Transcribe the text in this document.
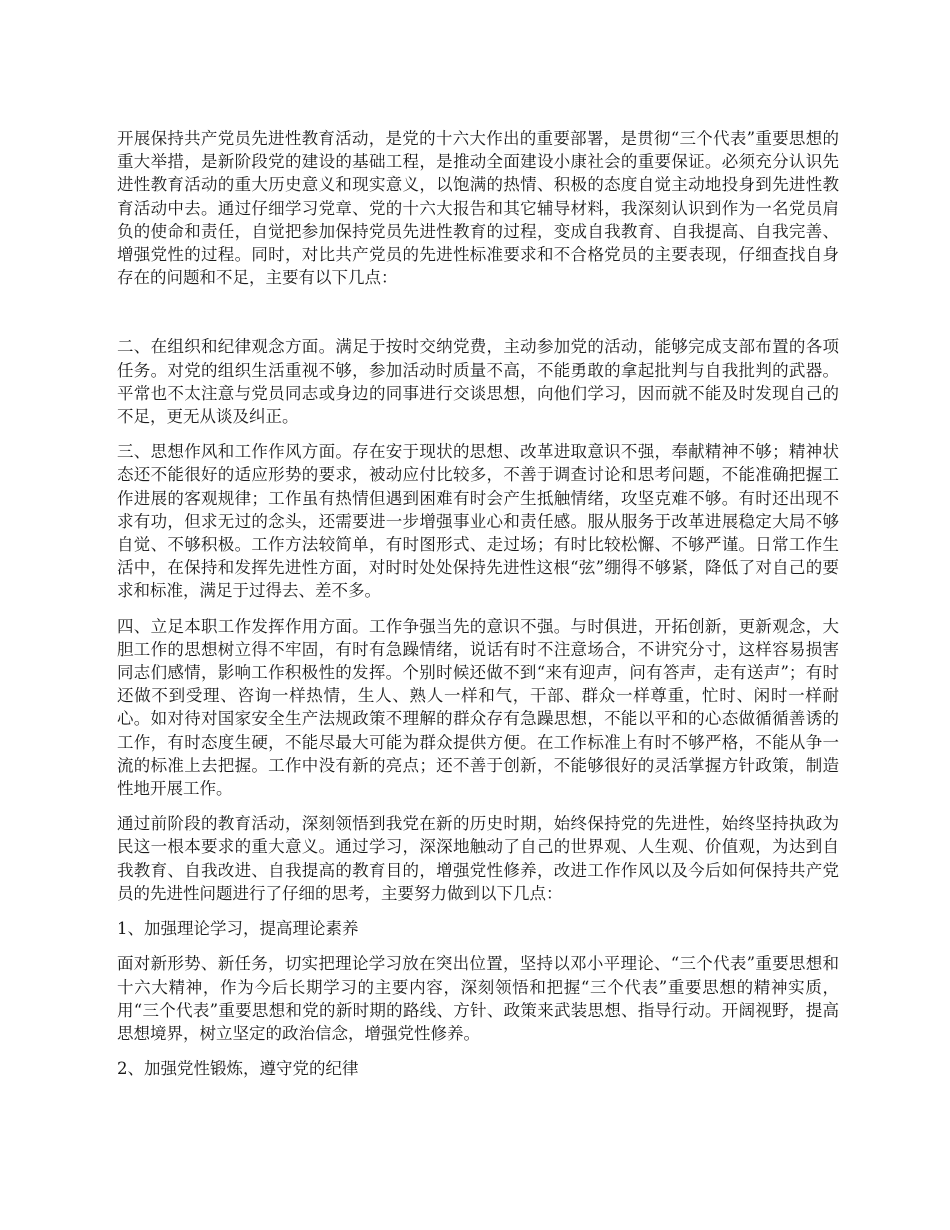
开展保持共产党员先进性教育活动，是党的十六大作出的重要部署，是贯彻“三个代表”重要思想的重大举措，是新阶段党的建设的基础工程，是推动全面建设小康社会的重要保证。必须充分认识先进性教育活动的重大历史意义和现实意义，以饱满的热情、积极的态度自觉主动地投身到先进性教育活动中去。通过仔细学习党章、党的十六大报告和其它辅导材料，我深刻认识到作为一名党员肩负的使命和责任，自觉把参加保持党员先进性教育的过程，变成自我教育、自我提高、自我完善、增强党性的过程。同时，对比共产党员的先进性标准要求和不合格党员的主要表现，仔细查找自身存在的问题和不足，主要有以下几点：

二、在组织和纪律观念方面。满足于按时交纳党费，主动参加党的活动，能够完成支部布置的各项任务。对党的组织生活重视不够，参加活动时质量不高，不能勇敢的拿起批判与自我批判的武器。平常也不太注意与党员同志或身边的同事进行交谈思想，向他们学习，因而就不能及时发现自己的不足，更无从谈及纠正。

三、思想作风和工作作风方面。存在安于现状的思想、改革进取意识不强，奉献精神不够；精神状态还不能很好的适应形势的要求，被动应付比较多，不善于调查讨论和思考问题，不能准确把握工作进展的客观规律；工作虽有热情但遇到困难有时会产生抵触情绪，攻坚克难不够。有时还出现不求有功，但求无过的念头，还需要进一步增强事业心和责任感。服从服务于改革进展稳定大局不够自觉、不够积极。工作方法较简单，有时图形式、走过场；有时比较松懈、不够严谨。日常工作生活中，在保持和发挥先进性方面，对时时处处保持先进性这根“弦”绷得不够紧，降低了对自己的要求和标准，满足于过得去、差不多。

四、立足本职工作发挥作用方面。工作争强当先的意识不强。与时俱进，开拓创新，更新观念，大胆工作的思想树立得不牢固，有时有急躁情绪，说话有时不注意场合，不讲究分寸，这样容易损害同志们感情，影响工作积极性的发挥。个别时候还做不到“来有迎声，问有答声，走有送声”；有时还做不到受理、咨询一样热情，生人、熟人一样和气，干部、群众一样尊重，忙时、闲时一样耐心。如对待对国家安全生产法规政策不理解的群众存有急躁思想，不能以平和的心态做循循善诱的工作，有时态度生硬，不能尽最大可能为群众提供方便。在工作标准上有时不够严格，不能从争一流的标准上去把握。工作中没有新的亮点；还不善于创新，不能够很好的灵活掌握方针政策，制造性地开展工作。

通过前阶段的教育活动，深刻领悟到我党在新的历史时期，始终保持党的先进性，始终坚持执政为民这一根本要求的重大意义。通过学习，深深地触动了自己的世界观、人生观、价值观，为达到自我教育、自我改进、自我提高的教育目的，增强党性修养，改进工作作风以及今后如何保持共产党员的先进性问题进行了仔细的思考，主要努力做到以下几点：

1、加强理论学习，提高理论素养

面对新形势、新任务，切实把理论学习放在突出位置，坚持以邓小平理论、“三个代表”重要思想和十六大精神，作为今后长期学习的主要内容，深刻领悟和把握“三个代表”重要思想的精神实质，用“三个代表”重要思想和党的新时期的路线、方针、政策来武装思想、指导行动。开阔视野，提高思想境界，树立坚定的政治信念，增强党性修养。

2、加强党性锻炼，遵守党的纪律
